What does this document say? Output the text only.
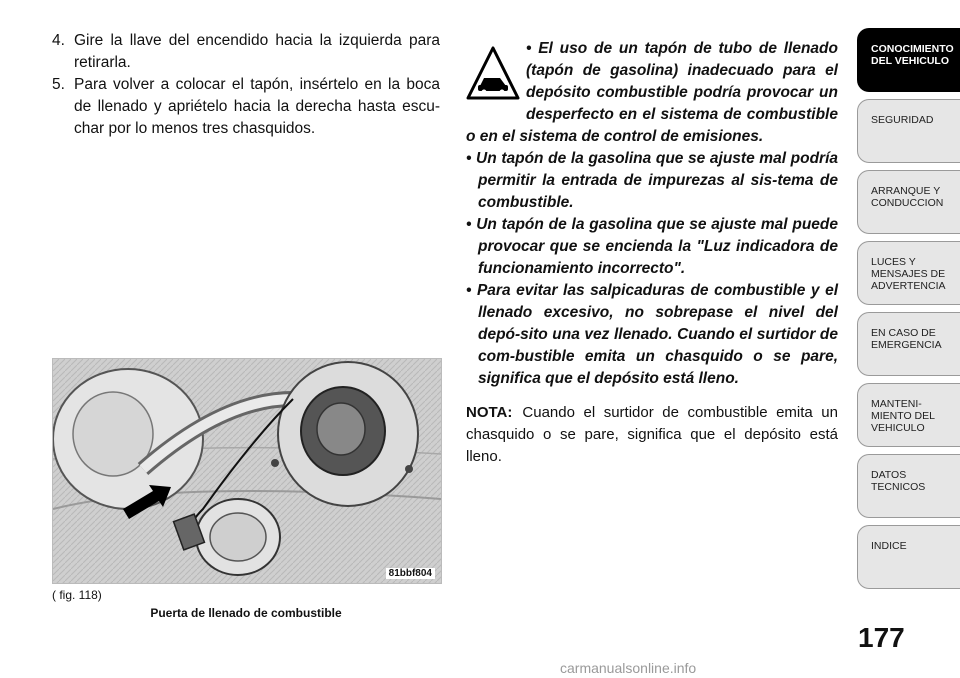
4. Gire la llave del encendido hacia la izquierda para retirarla.
5. Para volver a colocar el tapón, insértelo en la boca de llenado y apriételo hacia la derecha hasta escu-char por lo menos tres chasquidos.
81bbf804
( fig. 118)
Puerta de llenado de combustible

• El uso de un tapón de tubo de llenado (tapón de gasolina) inadecuado para el depósito combustible podría provocar un desperfecto en el sistema de combustible o en el sistema de control de emisiones.

• Un tapón de la gasolina que se ajuste mal podría permitir la entrada de impurezas al sis-tema de combustible.

• Un tapón de la gasolina que se ajuste mal puede provocar que se encienda la "Luz indicadora de funcionamiento incorrecto".

• Para evitar las salpicaduras de combustible y el llenado excesivo, no sobrepase el nivel del depó-sito una vez llenado. Cuando el surtidor de com-bustible emita un chasquido o se pare, significa que el depósito está lleno.

NOTA: Cuando el surtidor de combustible emita un chasquido o se pare, significa que el depósito está lleno.

CONOCIMIENTO
DEL VEHICULO
SEGURIDAD
ARRANQUE Y
CONDUCCION
LUCES Y
MENSAJES DE
ADVERTENCIA
EN CASO DE
EMERGENCIA
MANTENI-
MIENTO DEL
VEHICULO
DATOS
TECNICOS
INDICE
177
carmanualsonline.info
